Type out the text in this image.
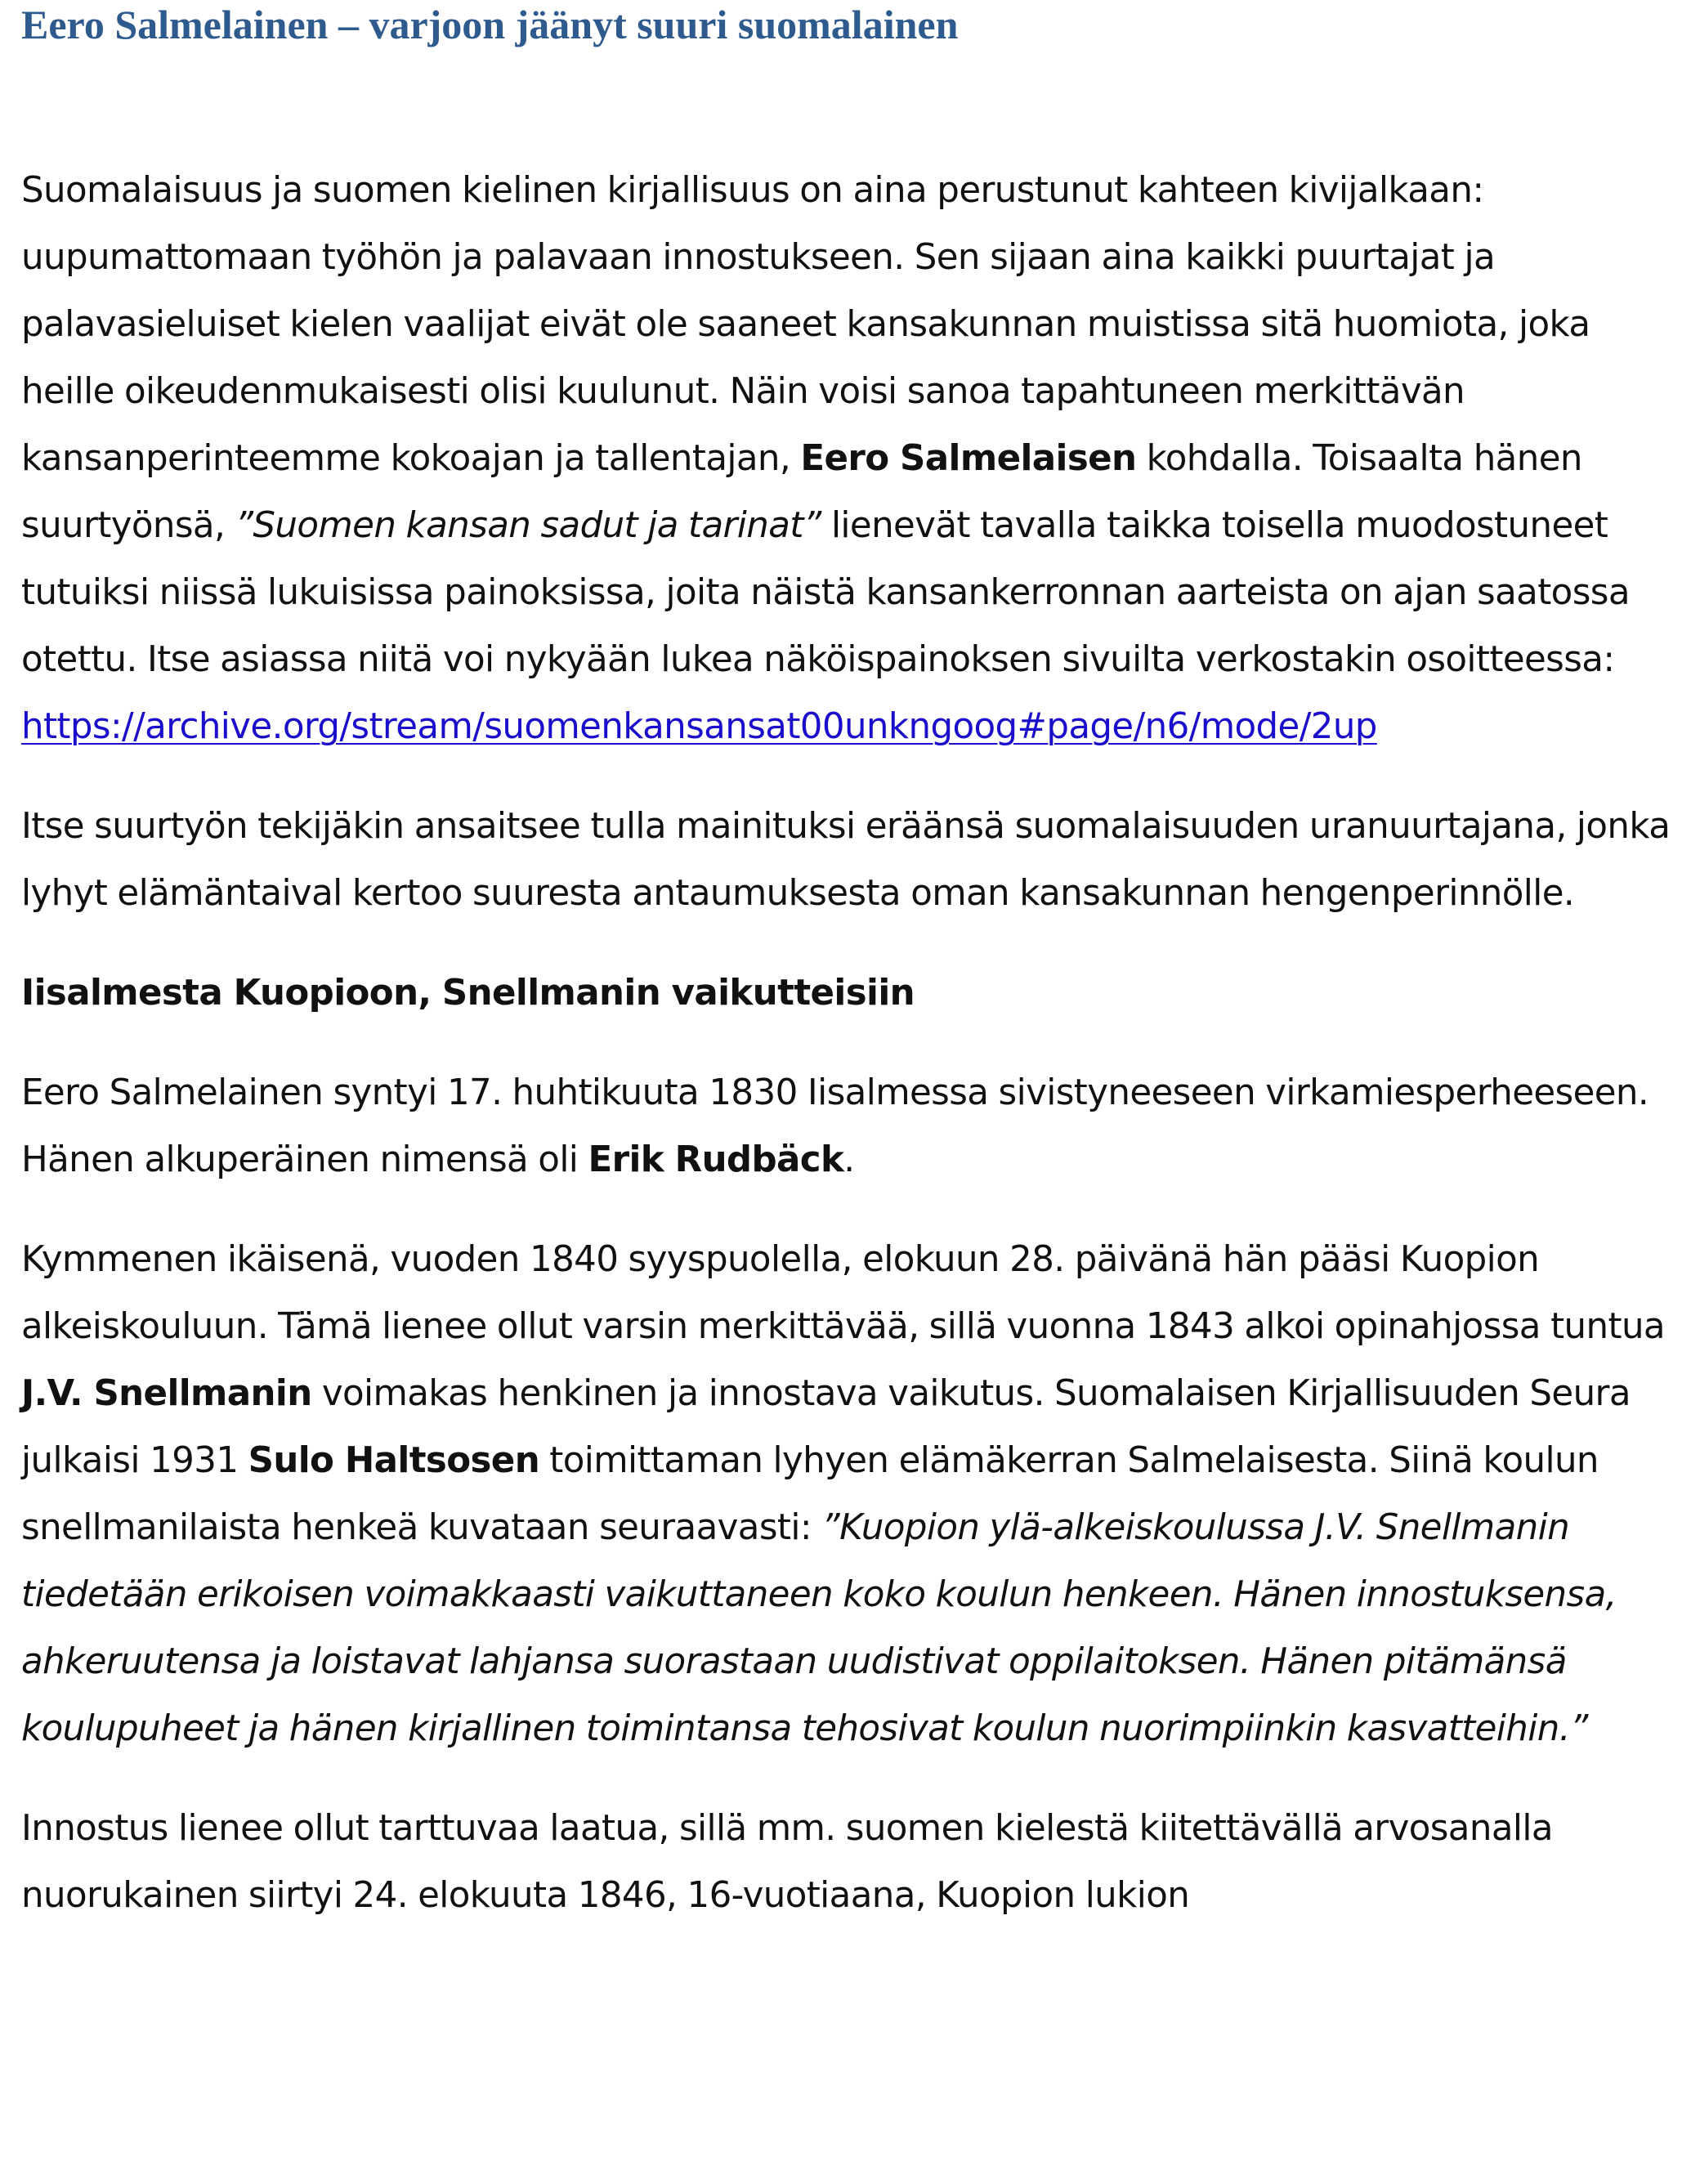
Eero Salmelainen – varjoon jäänyt suuri suomalainen

Suomalaisuus ja suomen kielinen kirjallisuus on aina perustunut kahteen kivijalkaan: uupumattomaan työhön ja palavaan innostukseen. Sen sijaan aina kaikki puurtajat ja palavasieluiset kielen vaalijat eivät ole saaneet kansakunnan muistissa sitä huomiota, joka heille oikeudenmukaisesti olisi kuulunut. Näin voisi sanoa tapahtuneen merkittävän kansanperinteemme kokoajan ja tallentajan, Eero Salmelaisen kohdalla. Toisaalta hänen suurtyönsä, ”Suomen kansan sadut ja tarinat” lienevät tavalla taikka toisella muodostuneet tutuiksi niissä lukuisissa painoksissa, joita näistä kansankerronnan aarteista on ajan saatossa otettu. Itse asiassa niitä voi nykyään lukea näköispainoksen sivuilta verkostakin osoitteessa:
https://archive.org/stream/suomenkansansat00unkngoog#page/n6/mode/2up

Itse suurtyön tekijäkin ansaitsee tulla mainituksi eräänsä suomalaisuuden uranuurtajana, jonka lyhyt elämäntaival kertoo suuresta antaumuksesta oman kansakunnan hengenperinnölle.

Iisalmesta Kuopioon, Snellmanin vaikutteisiin

Eero Salmelainen syntyi 17. huhtikuuta 1830 Iisalmessa sivistyneeseen virkamiesperheeseen. Hänen alkuperäinen nimensä oli Erik Rudbäck.

Kymmenen ikäisenä, vuoden 1840 syyspuolella, elokuun 28. päivänä hän pääsi Kuopion alkeiskouluun. Tämä lienee ollut varsin merkittävää, sillä vuonna 1843 alkoi opinahjossa tuntua J.V. Snellmanin voimakas henkinen ja innostava vaikutus. Suomalaisen Kirjallisuuden Seura julkaisi 1931 Sulo Haltsosen toimittaman lyhyen elämäkerran Salmelaisesta. Siinä koulun snellmanilaista henkeä kuvataan seuraavasti: ”Kuopion ylä-alkeiskoulussa J.V. Snellmanin tiedetään erikoisen voimakkaasti vaikuttaneen koko koulun henkeen. Hänen innostuksensa, ahkeruutensa ja loistavat lahjansa suorastaan uudistivat oppilaitoksen. Hänen pitämänsä koulupuheet ja hänen kirjallinen toimintansa tehosivat koulun nuorimpiinkin kasvatteihin.”

Innostus lienee ollut tarttuvaa laatua, sillä mm. suomen kielestä kiitettävällä arvosanalla nuorukainen siirtyi 24. elokuuta 1846, 16-vuotiaana, Kuopion lukion
